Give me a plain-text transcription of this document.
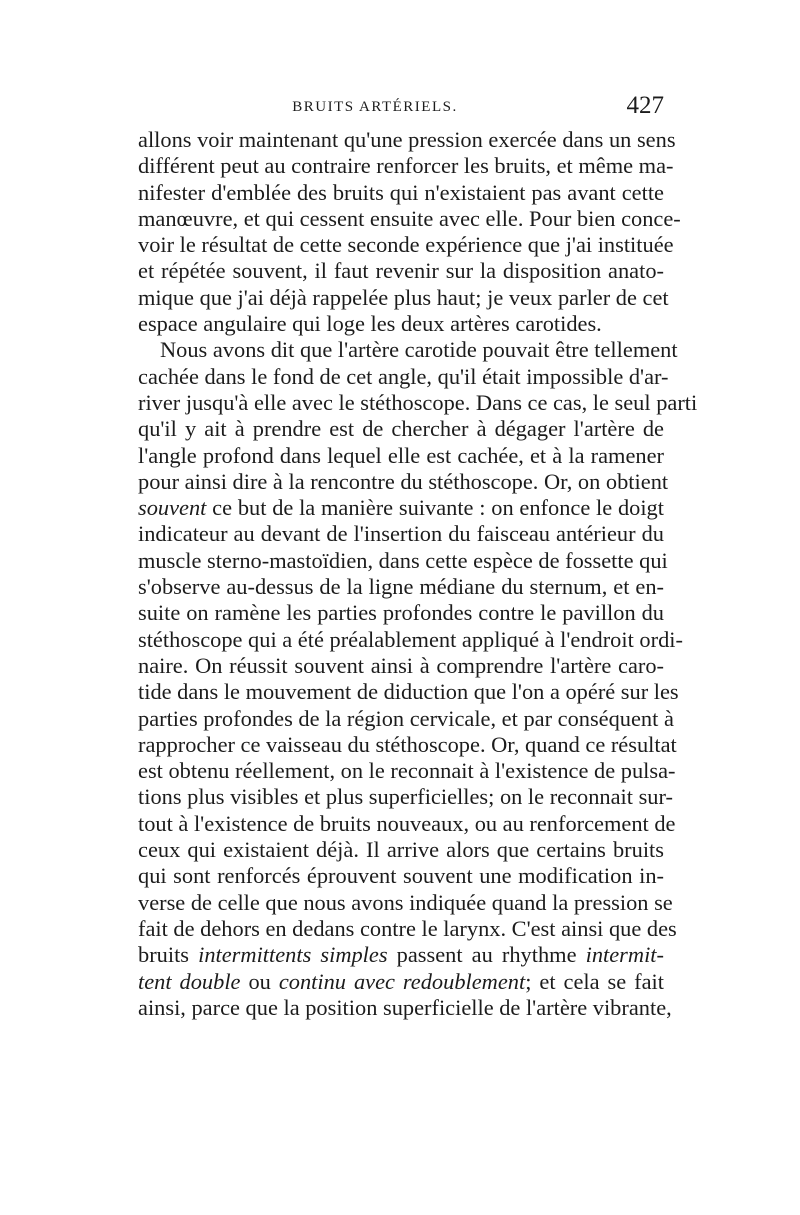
BRUITS ARTÉRIELS.	427
allons voir maintenant qu'une pression exercée dans un sens
différent peut au contraire renforcer les bruits, et même ma-
nifester d'emblée des bruits qui n'existaient pas avant cette
manœuvre, et qui cessent ensuite avec elle. Pour bien conce-
voir le résultat de cette seconde expérience que j'ai instituée
et répétée souvent, il faut revenir sur la disposition anato-
mique que j'ai déjà rappelée plus haut; je veux parler de cet
espace angulaire qui loge les deux artères carotides.
Nous avons dit que l'artère carotide pouvait être tellement
cachée dans le fond de cet angle, qu'il était impossible d'ar-
river jusqu'à elle avec le stéthoscope. Dans ce cas, le seul parti
qu'il y ait à prendre est de chercher à dégager l'artère de
l'angle profond dans lequel elle est cachée, et à la ramener
pour ainsi dire à la rencontre du stéthoscope. Or, on obtient
souvent ce but de la manière suivante : on enfonce le doigt
indicateur au devant de l'insertion du faisceau antérieur du
muscle sterno-mastoïdien, dans cette espèce de fossette qui
s'observe au-dessus de la ligne médiane du sternum, et en-
suite on ramène les parties profondes contre le pavillon du
stéthoscope qui a été préalablement appliqué à l'endroit ordi-
naire. On réussit souvent ainsi à comprendre l'artère caro-
tide dans le mouvement de diduction que l'on a opéré sur les
parties profondes de la région cervicale, et par conséquent à
rapprocher ce vaisseau du stéthoscope. Or, quand ce résultat
est obtenu réellement, on le reconnait à l'existence de pulsa-
tions plus visibles et plus superficielles; on le reconnait sur-
tout à l'existence de bruits nouveaux, ou au renforcement de
ceux qui existaient déjà. Il arrive alors que certains bruits
qui sont renforcés éprouvent souvent une modification in-
verse de celle que nous avons indiquée quand la pression se
fait de dehors en dedans contre le larynx. C'est ainsi que des
bruits intermittents simples passent au rhythme intermit-
tent double ou continu avec redoublement; et cela se fait
ainsi, parce que la position superficielle de l'artère vibrante,
